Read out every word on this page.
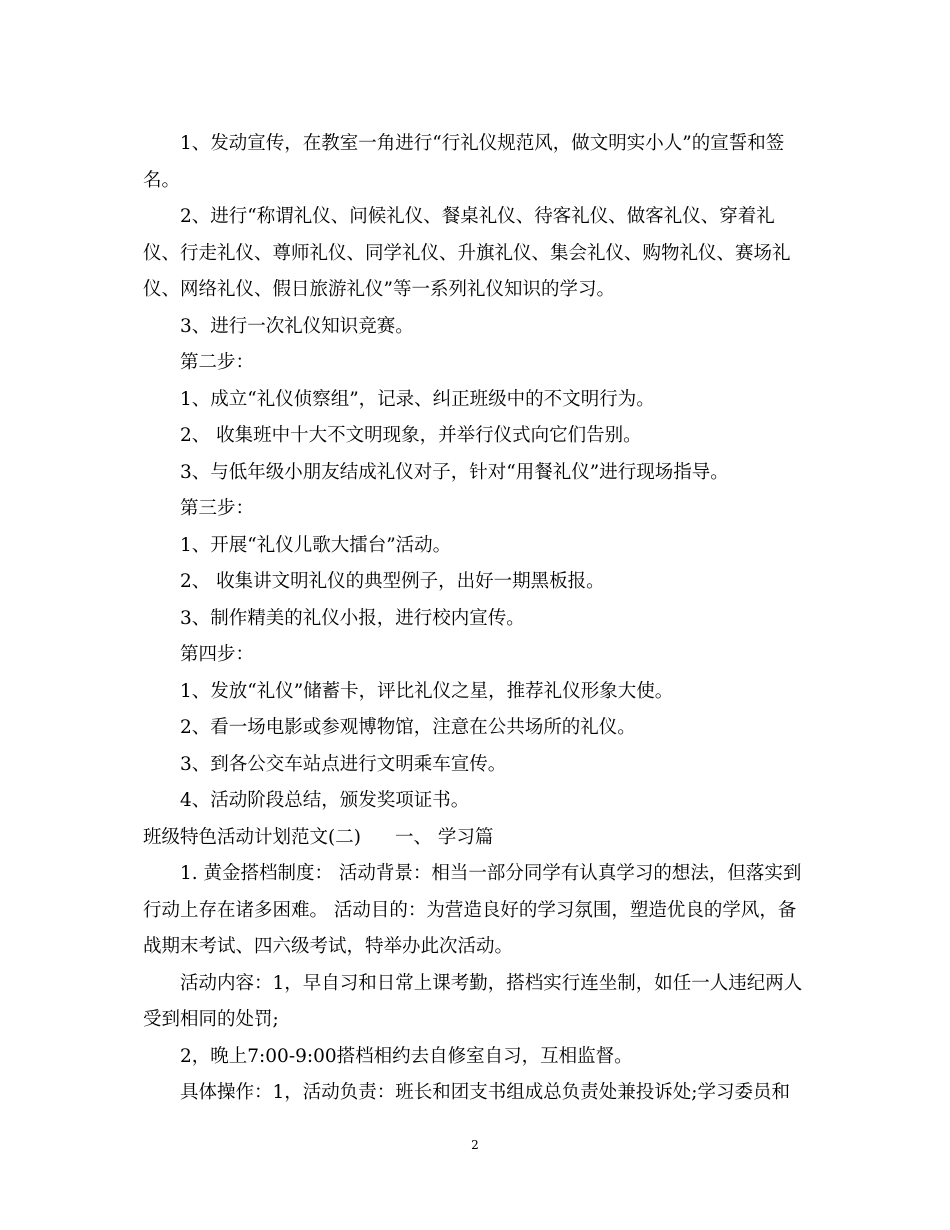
1、发动宣传，在教室一角进行“行礼仪规范风，做文明实小人”的宣誓和签名。

2、进行“称谓礼仪、问候礼仪、餐桌礼仪、待客礼仪、做客礼仪、穿着礼仪、行走礼仪、尊师礼仪、同学礼仪、升旗礼仪、集会礼仪、购物礼仪、赛场礼仪、网络礼仪、假日旅游礼仪”等一系列礼仪知识的学习。

3、进行一次礼仪知识竞赛。

第二步：

1、成立“礼仪侦察组”，记录、纠正班级中的不文明行为。

2、 收集班中十大不文明现象，并举行仪式向它们告别。

3、与低年级小朋友结成礼仪对子，针对“用餐礼仪”进行现场指导。

第三步：

1、开展“礼仪儿歌大擂台”活动。

2、 收集讲文明礼仪的典型例子，出好一期黑板报。

3、制作精美的礼仪小报，进行校内宣传。

第四步：

1、发放“礼仪”储蓄卡，评比礼仪之星，推荐礼仪形象大使。

2、看一场电影或参观博物馆，注意在公共场所的礼仪。

3、到各公交车站点进行文明乘车宣传。

4、活动阶段总结，颁发奖项证书。

班级特色活动计划范文(二) 一、 学习篇

1. 黄金搭档制度： 活动背景：相当一部分同学有认真学习的想法，但落实到行动上存在诸多困难。 活动目的：为营造良好的学习氛围，塑造优良的学风，备战期末考试、四六级考试，特举办此次活动。

活动内容：1，早自习和日常上课考勤，搭档实行连坐制，如任一人违纪两人受到相同的处罚;

2，晚上7:00-9:00搭档相约去自修室自习，互相监督。

具体操作：1，活动负责：班长和团支书组成总负责处兼投诉处;学习委员和

2
